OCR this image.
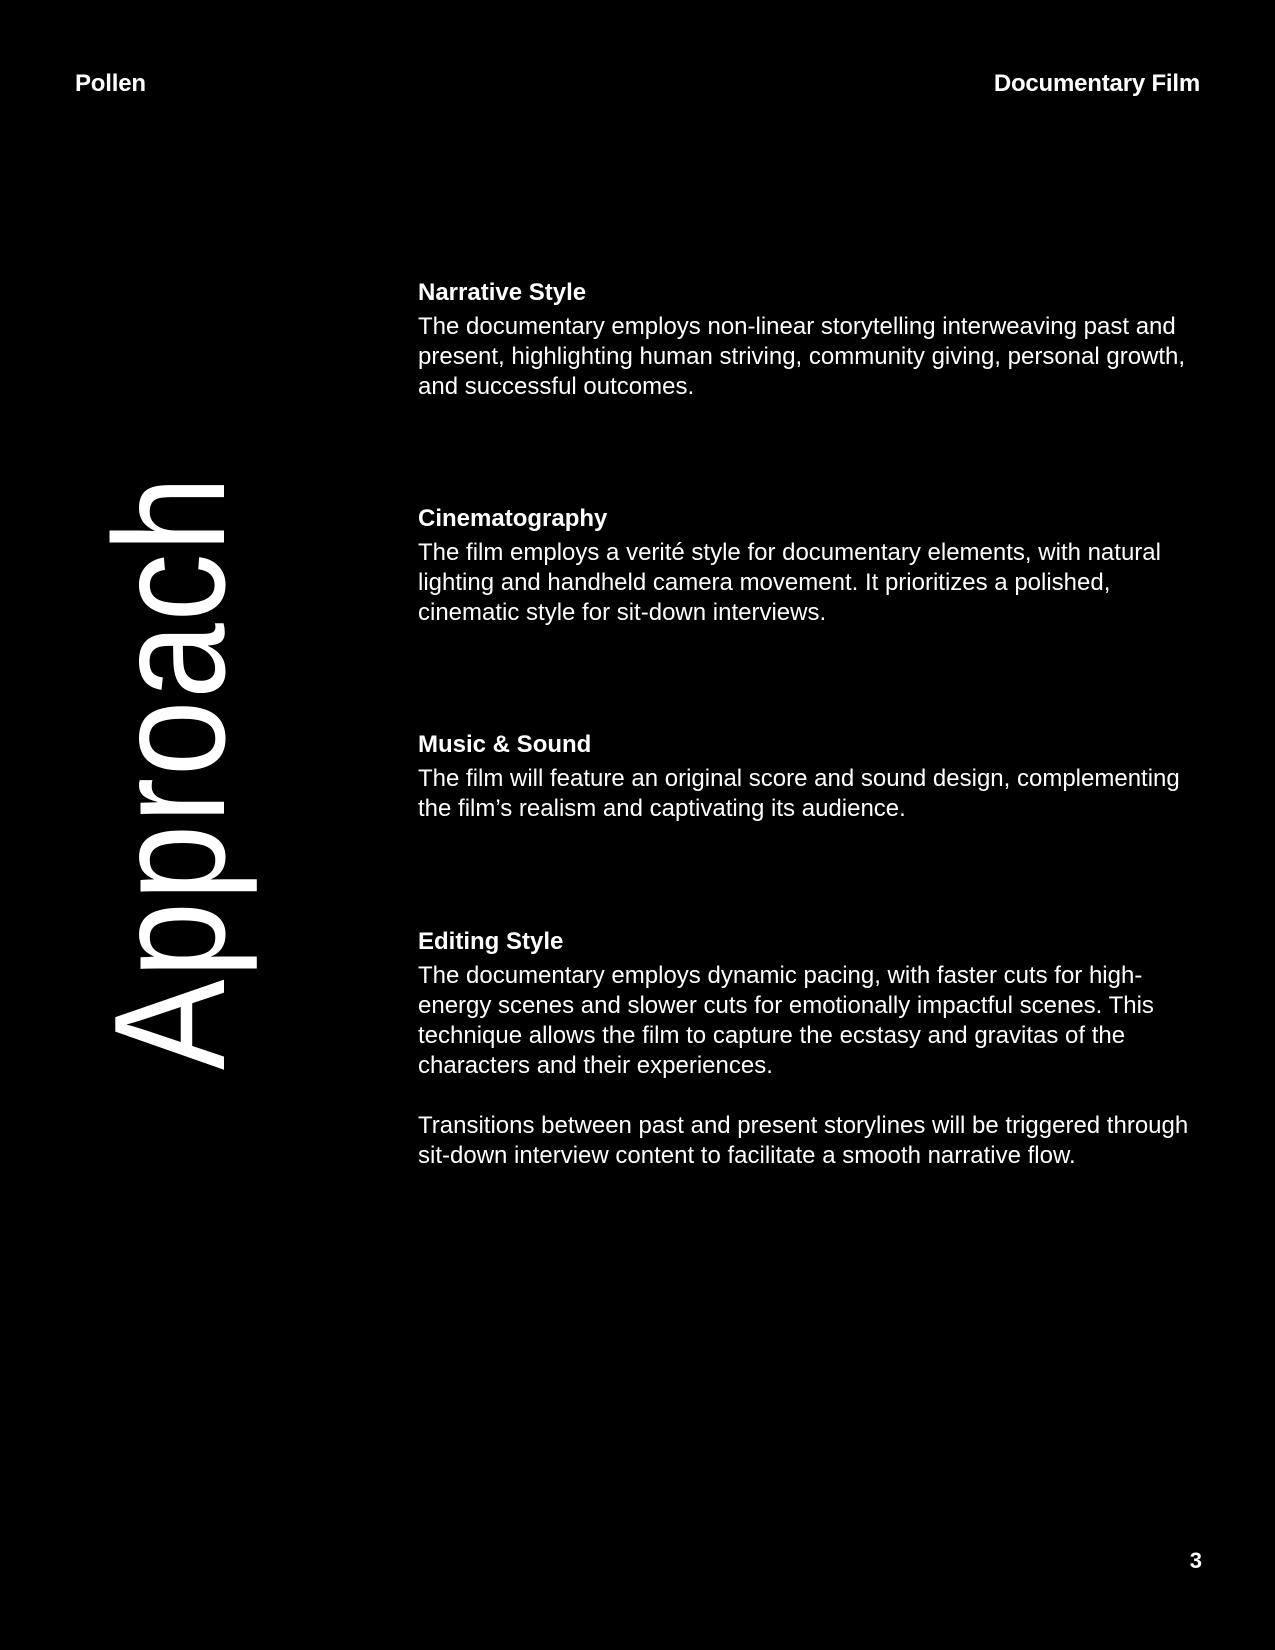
Pollen	Documentary Film
Approach

Narrative Style

The documentary employs non-linear storytelling interweaving past and present, highlighting human striving, community giving, personal growth, and successful outcomes.

Cinematography

The film employs a verité style for documentary elements, with natural lighting and handheld camera movement. It prioritizes a polished, cinematic style for sit-down interviews.

Music & Sound

The film will feature an original score and sound design, complementing the film’s realism and captivating its audience.

Editing Style

The documentary employs dynamic pacing, with faster cuts for high-energy scenes and slower cuts for emotionally impactful scenes. This technique allows the film to capture the ecstasy and gravitas of the characters and their experiences.

Transitions between past and present storylines will be triggered through sit-down interview content to facilitate a smooth narrative flow.

3
